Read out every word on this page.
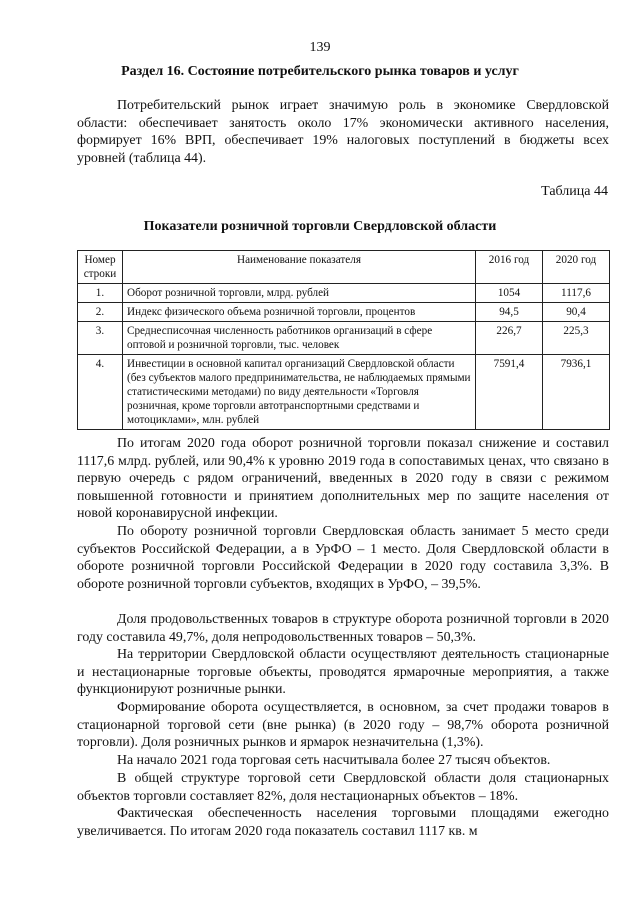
139
Раздел 16. Состояние потребительского рынка товаров и услуг

Потребительский рынок играет значимую роль в экономике Свердловской области: обеспечивает занятость около 17% экономически активного населения, формирует 16% ВРП, обеспечивает 19% налоговых поступлений в бюджеты всех уровней (таблица 44).

Таблица 44
Показатели розничной торговли Свердловской области
Номер строки	Наименование показателя	2016 год	2020 год
1.	Оборот розничной торговли, млрд. рублей	1054	1117,6
2.	Индекс физического объема розничной торговли, процентов	94,5	90,4
3.	Среднесписочная численность работников организаций в сфере оптовой и розничной торговли, тыс. человек	226,7	225,3
4.	Инвестиции в основной капитал организаций Свердловской области (без субъектов малого предпринимательства, не наблюдаемых прямыми статистическими методами) по виду деятельности «Торговля розничная, кроме торговли автотранспортными средствами и мотоциклами», млн. рублей	7591,4	7936,1

По итогам 2020 года оборот розничной торговли показал снижение и составил 1117,6 млрд. рублей, или 90,4% к уровню 2019 года в сопоставимых ценах, что связано в первую очередь с рядом ограничений, введенных в 2020 году в связи с режимом повышенной готовности и принятием дополнительных мер по защите населения от новой коронавирусной инфекции.

По обороту розничной торговли Свердловская область занимает 5 место среди субъектов Российской Федерации, а в УрФО – 1 место. Доля Свердловской области в обороте розничной торговли Российской Федерации в 2020 году составила 3,3%. В обороте розничной торговли субъектов, входящих в УрФО, – 39,5%.

Доля продовольственных товаров в структуре оборота розничной торговли в 2020 году составила 49,7%, доля непродовольственных товаров – 50,3%.

На территории Свердловской области осуществляют деятельность стационарные и нестационарные торговые объекты, проводятся ярмарочные мероприятия, а также функционируют розничные рынки.

Формирование оборота осуществляется, в основном, за счет продажи товаров в стационарной торговой сети (вне рынка) (в 2020 году – 98,7% оборота розничной торговли). Доля розничных рынков и ярмарок незначительна (1,3%).

На начало 2021 года торговая сеть насчитывала более 27 тысяч объектов.

В общей структуре торговой сети Свердловской области доля стационарных объектов торговли составляет 82%, доля нестационарных объектов – 18%.

Фактическая обеспеченность населения торговыми площадями ежегодно увеличивается. По итогам 2020 года показатель составил 1117 кв. м
